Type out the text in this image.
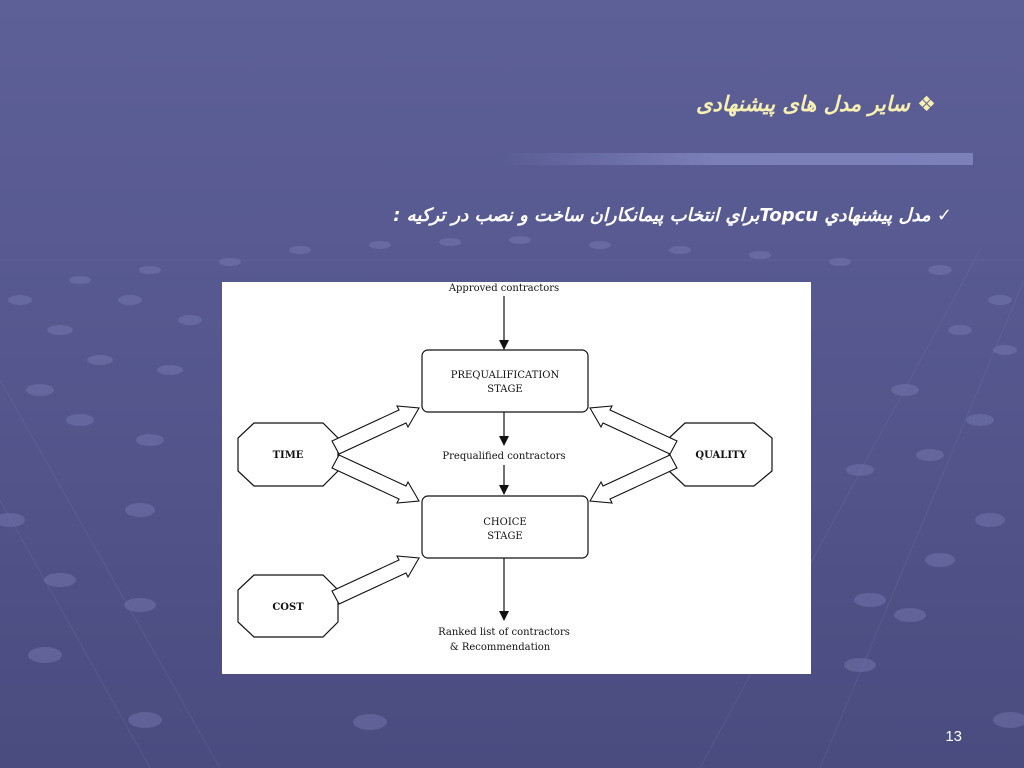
❖ سایر مدل های پیشنهادی
✓ مدل پیشنهادي Topcuبراي انتخاب پيمانكاران ساخت و نصب در تركيه :
Approved contractors
PREQUALIFICATION
STAGE
Prequalified contractors
CHOICE
STAGE
Ranked list of contractors
& Recommendation
TIME	QUALITY
COST
13
